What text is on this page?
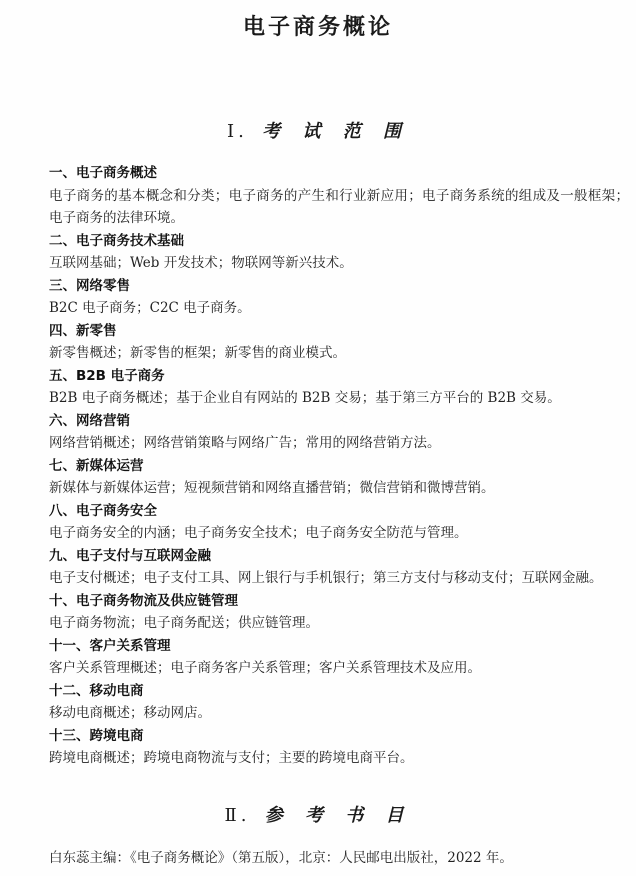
电子商务概论
Ⅰ. 考 试 范 围
一、电子商务概述
电子商务的基本概念和分类；电子商务的产生和行业新应用；电子商务系统的组成及一般框架；电子商务的法律环境。
二、电子商务技术基础
互联网基础；Web 开发技术；物联网等新兴技术。
三、网络零售
B2C 电子商务；C2C 电子商务。
四、新零售
新零售概述；新零售的框架；新零售的商业模式。
五、B2B 电子商务
B2B 电子商务概述；基于企业自有网站的 B2B 交易；基于第三方平台的 B2B 交易。
六、网络营销
网络营销概述；网络营销策略与网络广告；常用的网络营销方法。
七、新媒体运营
新媒体与新媒体运营；短视频营销和网络直播营销；微信营销和微博营销。
八、电子商务安全
电子商务安全的内涵；电子商务安全技术；电子商务安全防范与管理。
九、电子支付与互联网金融
电子支付概述；电子支付工具、网上银行与手机银行；第三方支付与移动支付；互联网金融。
十、电子商务物流及供应链管理
电子商务物流；电子商务配送；供应链管理。
十一、客户关系管理
客户关系管理概述；电子商务客户关系管理；客户关系管理技术及应用。
十二、移动电商
移动电商概述；移动网店。
十三、跨境电商
跨境电商概述；跨境电商物流与支付；主要的跨境电商平台。
Ⅱ. 参 考 书 目
白东蕊主编：《电子商务概论》（第五版），北京：人民邮电出版社，2022 年。
